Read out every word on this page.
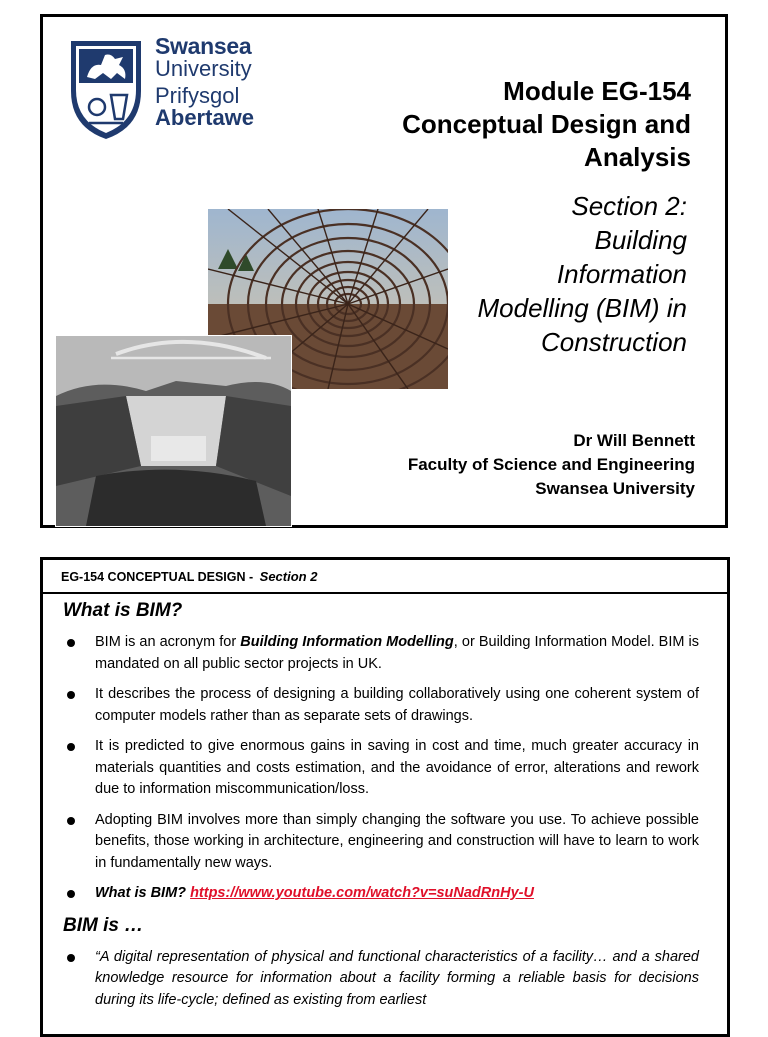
Swansea
University
Prifysgol
Abertawe
Module EG-154
Conceptual Design and
Analysis
Section 2:
Building
Information
Modelling (BIM) in
Construction
Dr Will Bennett
Faculty of Science and Engineering
Swansea University
EG-154 CONCEPTUAL DESIGN - Section 2
What is BIM?
BIM is an acronym for Building Information Modelling, or Building Information Model. BIM is mandated on all public sector projects in UK.
It describes the process of designing a building collaboratively using one coherent system of computer models rather than as separate sets of drawings.
It is predicted to give enormous gains in saving in cost and time, much greater accuracy in materials quantities and costs estimation, and the avoidance of error, alterations and rework due to information miscommunication/loss.
Adopting BIM involves more than simply changing the software you use. To achieve possible benefits, those working in architecture, engineering and construction will have to learn to work in fundamentally new ways.
What is BIM? https://www.youtube.com/watch?v=suNadRnHy-U
BIM is …
“A digital representation of physical and functional characteristics of a facility… and a shared knowledge resource for information about a facility forming a reliable basis for decisions during its life-cycle; defined as existing from earliest
